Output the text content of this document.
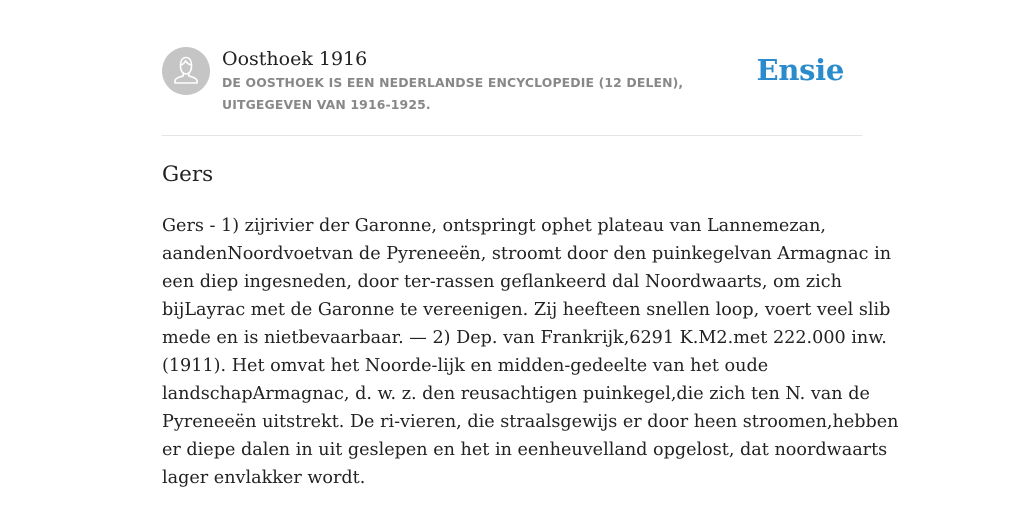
Oosthoek 1916
DE OOSTHOEK IS EEN NEDERLANDSE ENCYCLOPEDIE (12 DELEN), UITGEGEVEN VAN 1916-1925.
Ensie
Gers
Gers - 1) zijrivier der Garonne, ontspringt ophet plateau van Lannemezan,
aandenNoordvoetvan de Pyreneeën, stroomt door den puinkegelvan Armagnac in
een diep ingesneden, door ter-rassen geflankeerd dal Noordwaarts, om zich
bijLayrac met de Garonne te vereenigen. Zij heefteen snellen loop, voert veel slib
mede en is nietbevaarbaar. — 2) Dep. van Frankrijk,6291 K.M2.met 222.000 inw.
(1911). Het omvat het Noorde-lijk en midden-gedeelte van het oude
landschapArmagnac, d. w. z. den reusachtigen puinkegel,die zich ten N. van de
Pyreneeën uitstrekt. De ri-vieren, die straalsgewijs er door heen stroomen,hebben
er diepe dalen in uit geslepen en het in eenheuvelland opgelost, dat noordwaarts
lager envlakker wordt.
